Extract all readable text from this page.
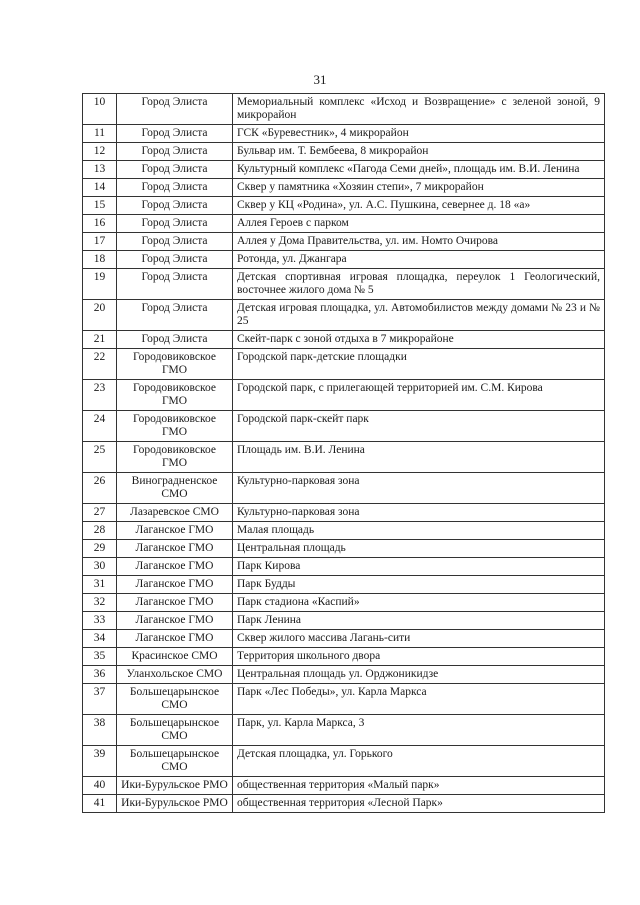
31
10	Город Элиста	Мемориальный комплекс «Исход и Возвращение» с зеленой зоной, 9 микрорайон
11	Город Элиста	ГСК «Буревестник», 4 микрорайон
12	Город Элиста	Бульвар им. Т. Бембеева, 8 микрорайон
13	Город Элиста	Культурный комплекс «Пагода Семи дней», площадь им. В.И. Ленина
14	Город Элиста	Сквер у памятника «Хозяин степи», 7 микрорайон
15	Город Элиста	Сквер у КЦ «Родина», ул. А.С. Пушкина, севернее д. 18 «а»
16	Город Элиста	Аллея Героев с парком
17	Город Элиста	Аллея у Дома Правительства, ул. им. Номто Очирова
18	Город Элиста	Ротонда, ул. Джангара
19	Город Элиста	Детская спортивная игровая площадка, переулок 1 Геологический, восточнее жилого дома № 5
20	Город Элиста	Детская игровая площадка, ул. Автомобилистов между домами № 23 и № 25
21	Город Элиста	Скейт-парк с зоной отдыха в 7 микрорайоне
22	Городовиковское ГМО	Городской парк-детские площадки
23	Городовиковское ГМО	Городской парк, с прилегающей территорией им. С.М. Кирова
24	Городовиковское ГМО	Городской парк-скейт парк
25	Городовиковское ГМО	Площадь им. В.И. Ленина
26	Виноградненское СМО	Культурно-парковая зона
27	Лазаревское СМО	Культурно-парковая зона
28	Лаганское ГМО	Малая площадь
29	Лаганское ГМО	Центральная площадь
30	Лаганское ГМО	Парк Кирова
31	Лаганское ГМО	Парк Будды
32	Лаганское ГМО	Парк стадиона «Каспий»
33	Лаганское ГМО	Парк Ленина
34	Лаганское ГМО	Сквер жилого массива Лагань-сити
35	Красинское СМО	Территория школьного двора
36	Уланхольское СМО	Центральная площадь ул. Орджоникидзе
37	Большецарынское СМО	Парк «Лес Победы», ул. Карла Маркса
38	Большецарынское СМО	Парк, ул. Карла Маркса, 3
39	Большецарынское СМО	Детская площадка, ул. Горького
40	Ики-Бурульское РМО	общественная территория «Малый парк»
41	Ики-Бурульское РМО	общественная территория «Лесной Парк»
